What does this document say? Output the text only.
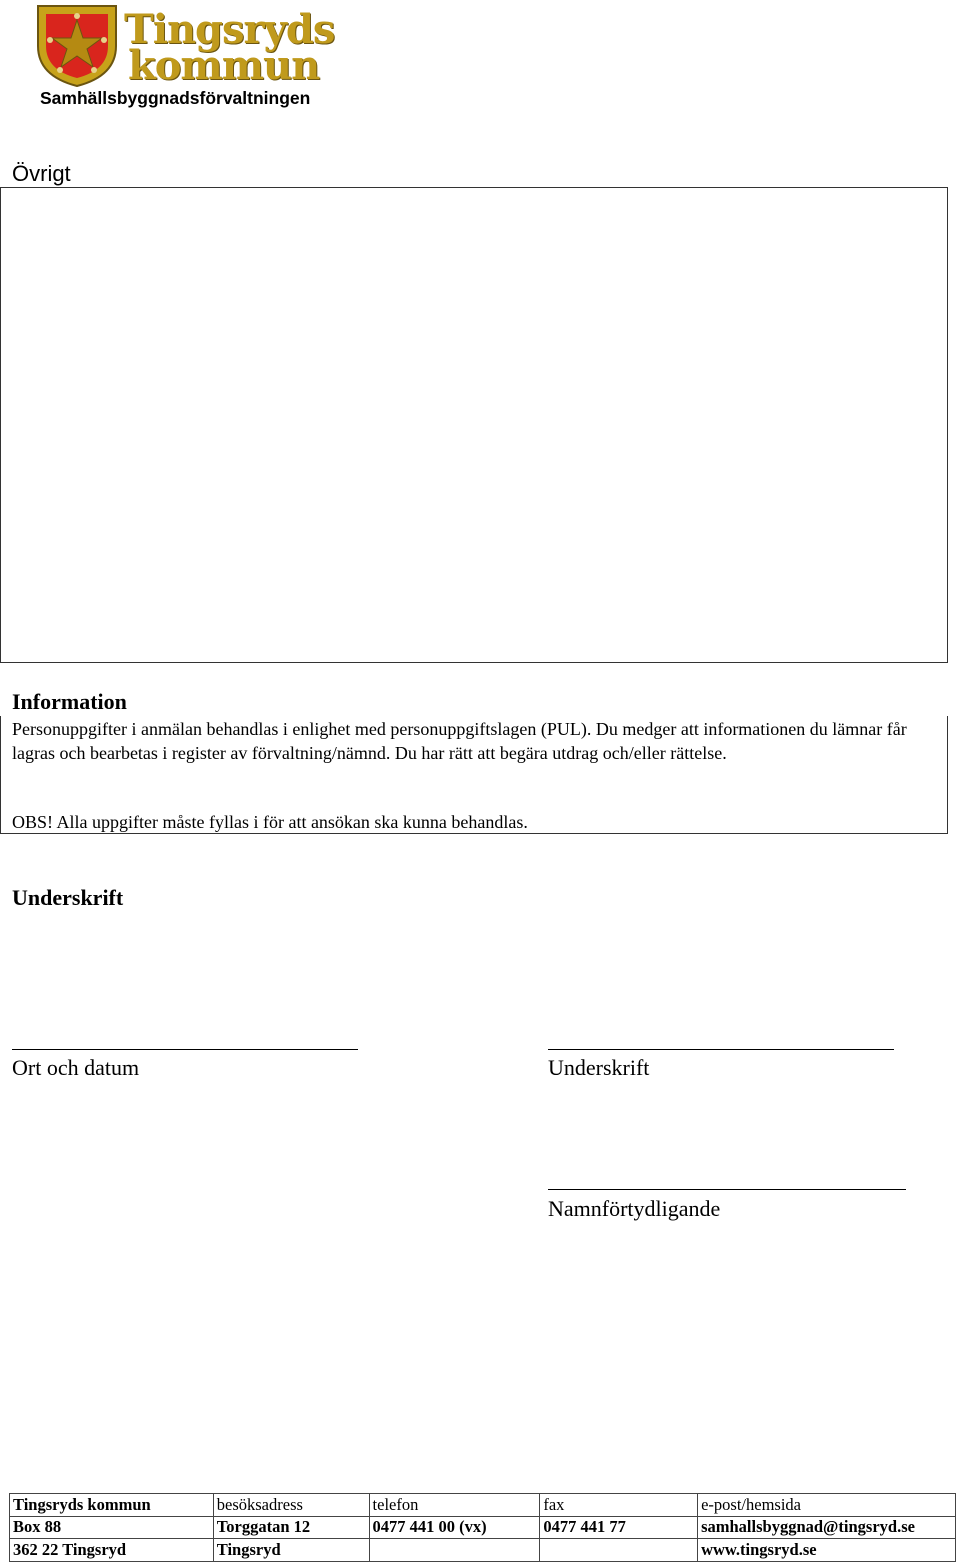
Tingsryds
kommun
Samhällsbyggnadsförvaltningen
Övrigt
Information
Personuppgifter i anmälan behandlas i enlighet med personuppgiftslagen (PUL). Du medger att informationen du lämnar får lagras och bearbetas i register av förvaltning/nämnd. Du har rätt att begära utdrag och/eller rättelse.
OBS! Alla uppgifter måste fyllas i för att ansökan ska kunna behandlas.
Underskrift
Ort och datum	Underskrift
Namnförtydligande
Tingsryds kommun	besöksadress	telefon	fax	e-post/hemsida
Box 88	Torggatan 12	0477 441 00 (vx)	0477 441 77	samhallsbyggnad@tingsryd.se
362 22 Tingsryd	Tingsryd			www.tingsryd.se
